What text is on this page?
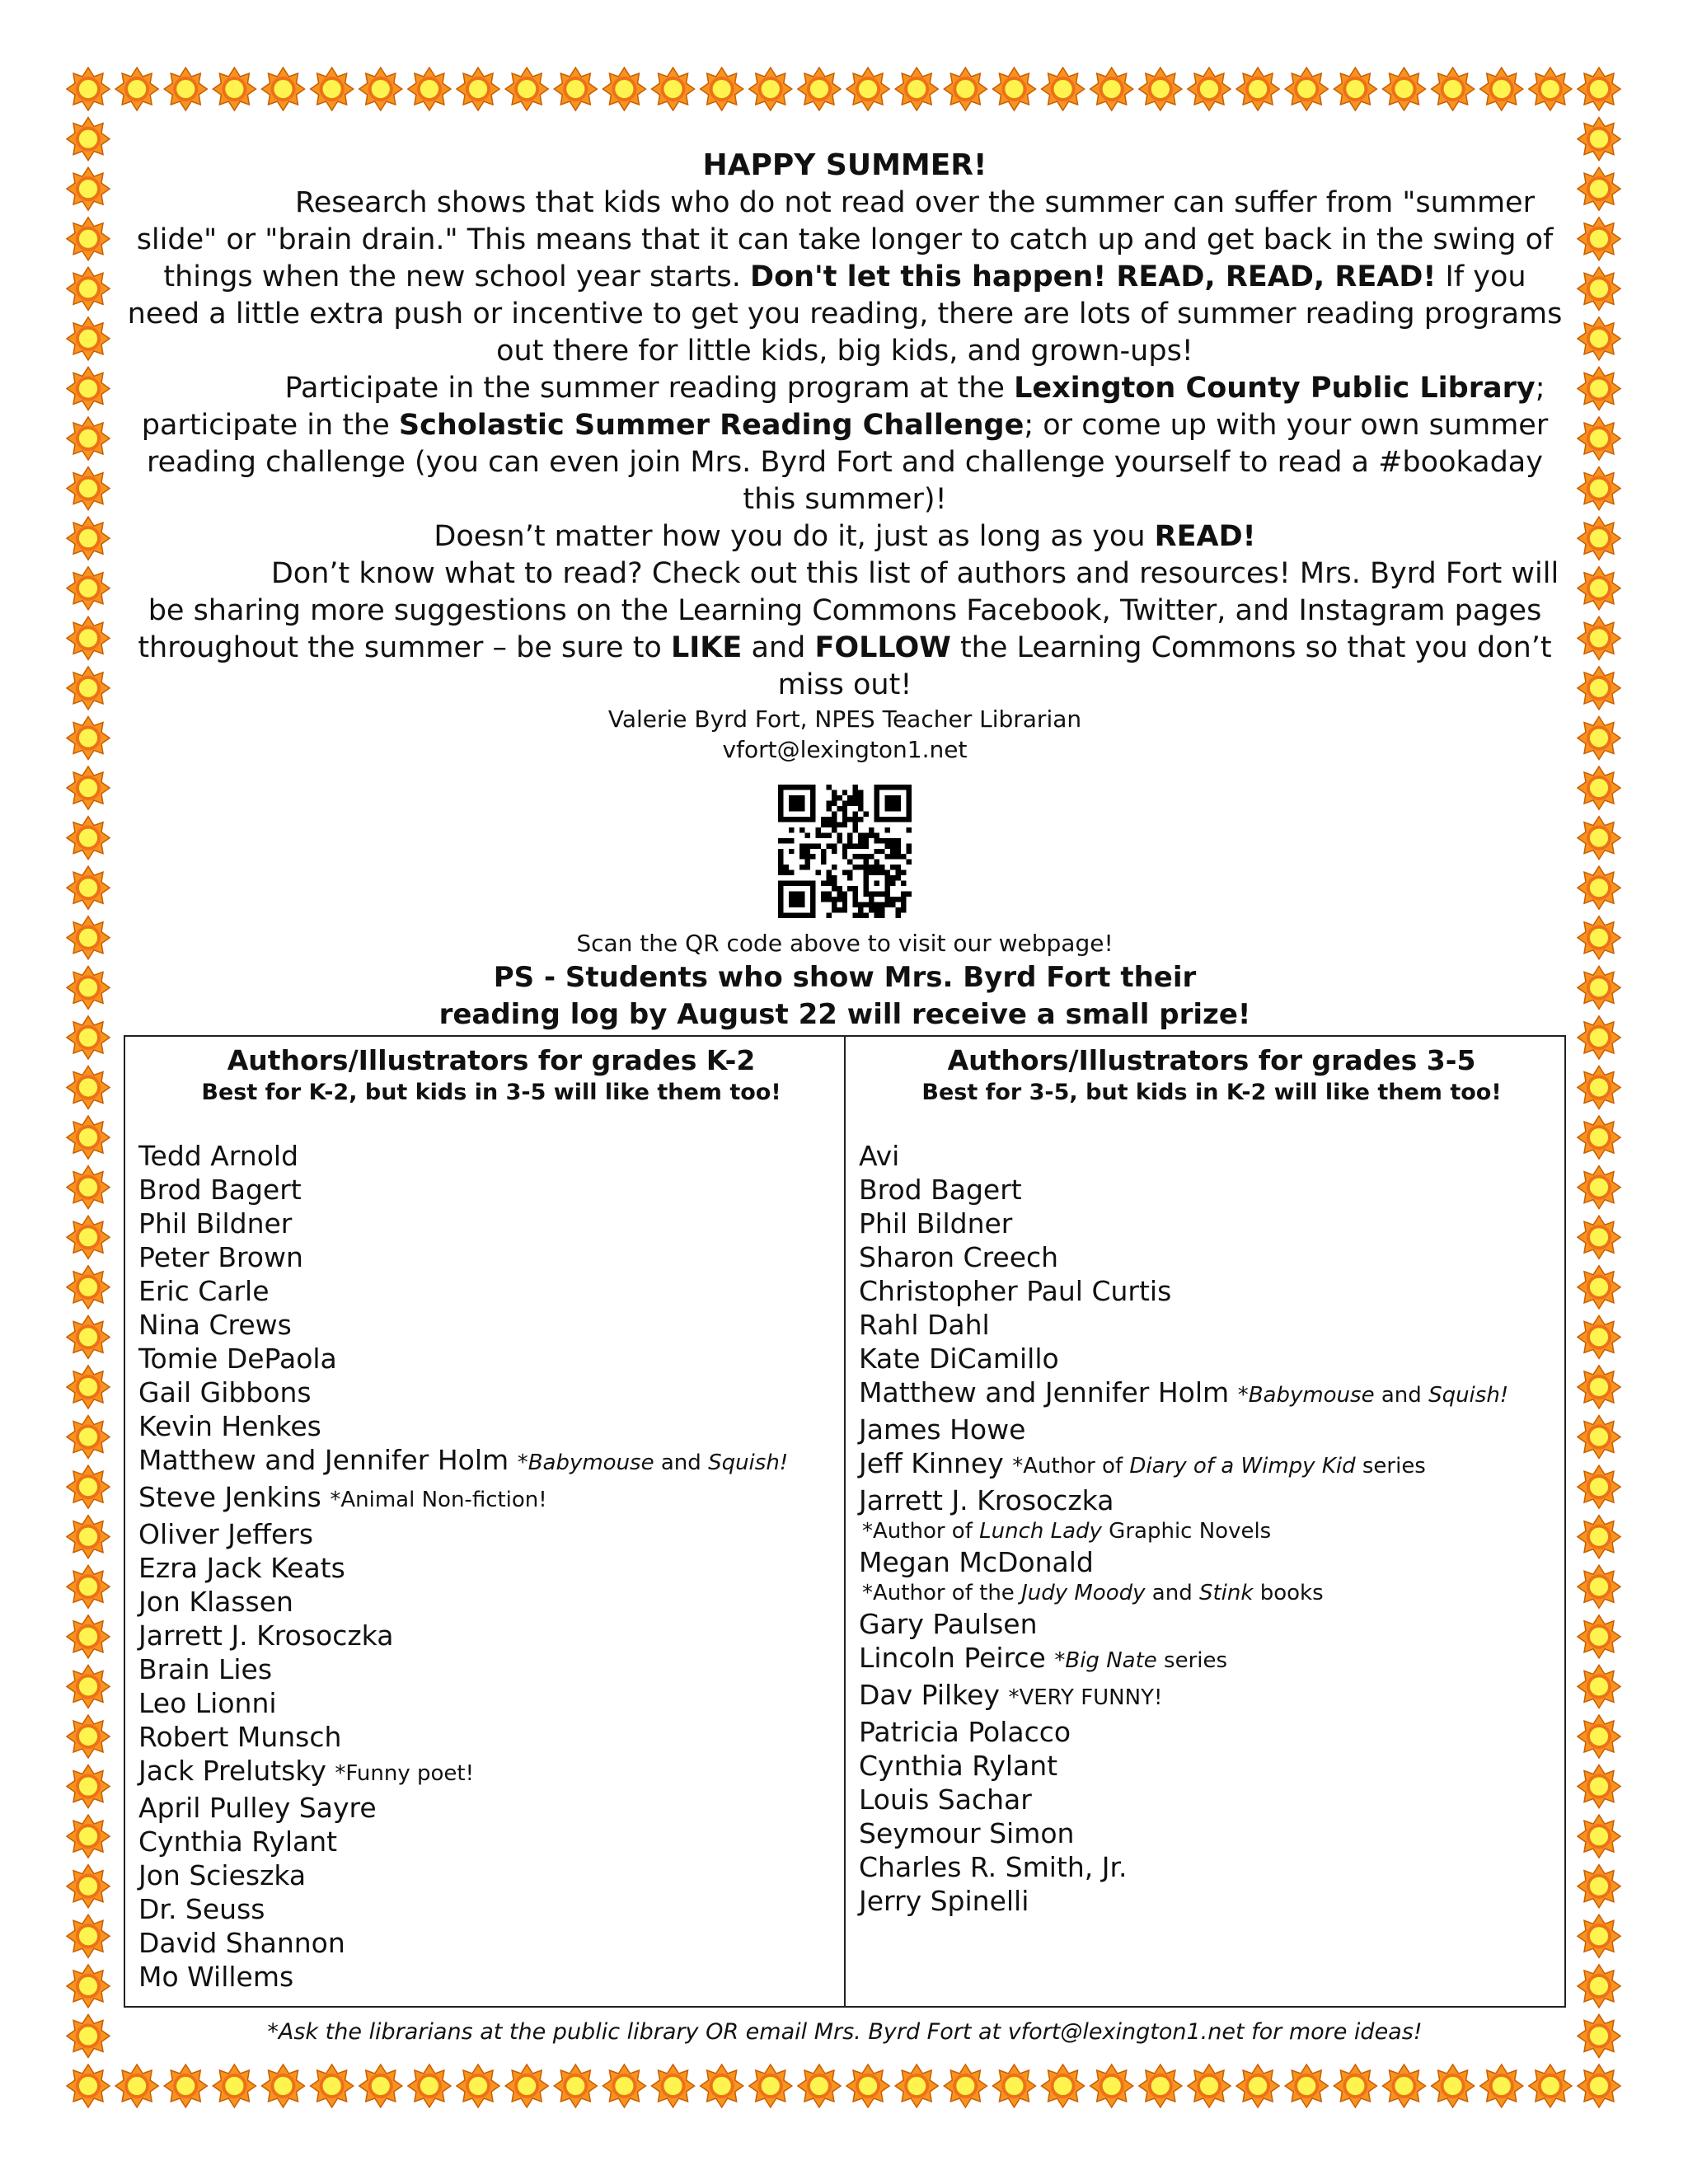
HAPPY SUMMER!

Research shows that kids who do not read over the summer can suffer from "summer slide" or "brain drain." This means that it can take longer to catch up and get back in the swing of things when the new school year starts. Don't let this happen! READ, READ, READ! If you need a little extra push or incentive to get you reading, there are lots of summer reading programs out there for little kids, big kids, and grown-ups!

Participate in the summer reading program at the Lexington County Public Library; participate in the Scholastic Summer Reading Challenge; or come up with your own summer reading challenge (you can even join Mrs. Byrd Fort and challenge yourself to read a #bookaday this summer)!

Doesn’t matter how you do it, just as long as you READ!

Don’t know what to read? Check out this list of authors and resources! Mrs. Byrd Fort will be sharing more suggestions on the Learning Commons Facebook, Twitter, and Instagram pages throughout the summer – be sure to LIKE and FOLLOW the Learning Commons so that you don’t miss out!

Valerie Byrd Fort, NPES Teacher Librarian

vfort@lexington1.net

Scan the QR code above to visit our webpage!

PS - Students who show Mrs. Byrd Fort their

reading log by August 22 will receive a small prize!

Authors/Illustrators for grades K-2

Best for K-2, but kids in 3-5 will like them too!

Tedd Arnold
Brod Bagert
Phil Bildner
Peter Brown
Eric Carle
Nina Crews
Tomie DePaola
Gail Gibbons
Kevin Henkes
Matthew and Jennifer Holm *Babymouse and Squish!
Steve Jenkins *Animal Non-fiction!
Oliver Jeffers
Ezra Jack Keats
Jon Klassen
Jarrett J. Krosoczka
Brain Lies
Leo Lionni
Robert Munsch
Jack Prelutsky *Funny poet!
April Pulley Sayre
Cynthia Rylant
Jon Scieszka
Dr. Seuss
David Shannon
Mo Willems
Authors/Illustrators for grades 3-5

Best for 3-5, but kids in K-2 will like them too!

Avi
Brod Bagert
Phil Bildner
Sharon Creech
Christopher Paul Curtis
Rahl Dahl
Kate DiCamillo
Matthew and Jennifer Holm *Babymouse and Squish!
James Howe
Jeff Kinney *Author of Diary of a Wimpy Kid series
Jarrett J. Krosoczka
*Author of Lunch Lady Graphic Novels
Megan McDonald
*Author of the Judy Moody and Stink books
Gary Paulsen
Lincoln Peirce *Big Nate series
Dav Pilkey *VERY FUNNY!
Patricia Polacco
Cynthia Rylant
Louis Sachar
Seymour Simon
Charles R. Smith, Jr.
Jerry Spinelli
*Ask the librarians at the public library OR email Mrs. Byrd Fort at vfort@lexington1.net for more ideas!
